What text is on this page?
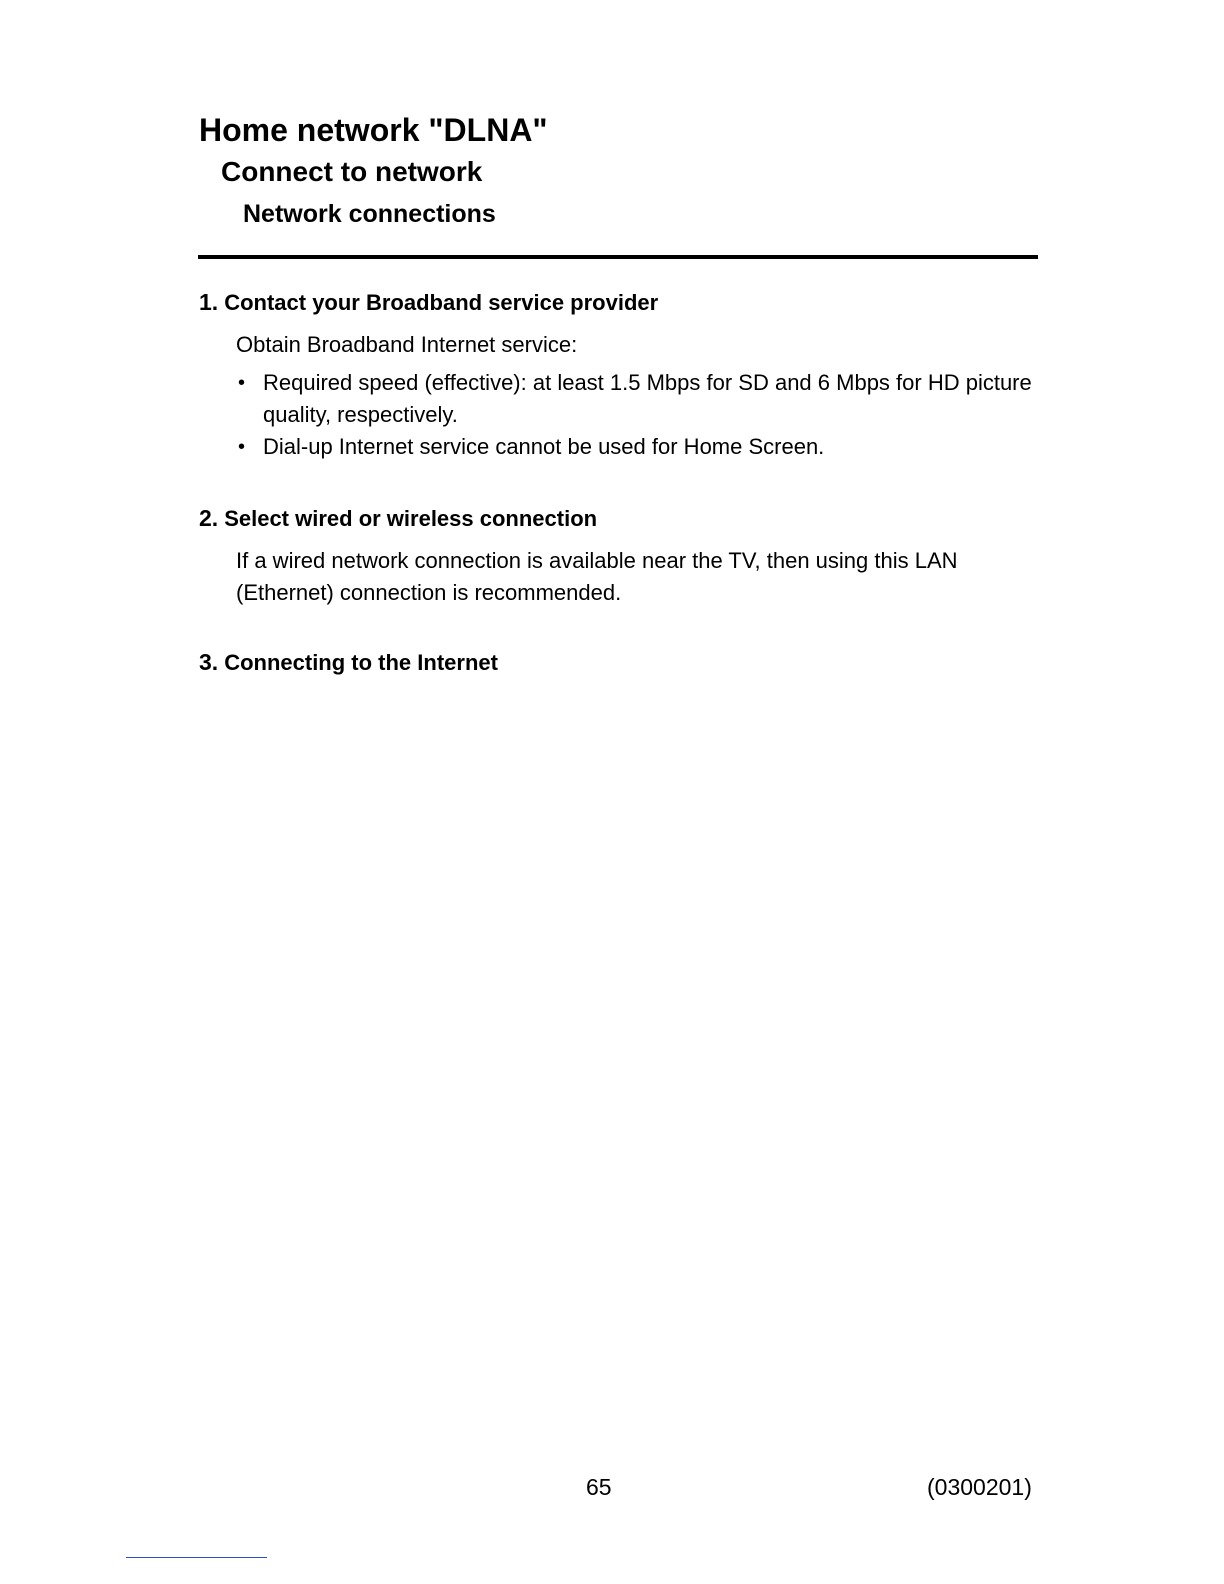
Home network "DLNA"
Connect to network
Network connections
1. Contact your Broadband service provider
Obtain Broadband Internet service:
• Required speed (effective): at least 1.5 Mbps for SD and 6 Mbps for HD picture quality, respectively.
• Dial-up Internet service cannot be used for Home Screen.
2. Select wired or wireless connection
If a wired network connection is available near the TV, then using this LAN (Ethernet) connection is recommended.
3. Connecting to the Internet
65	(0300201)
